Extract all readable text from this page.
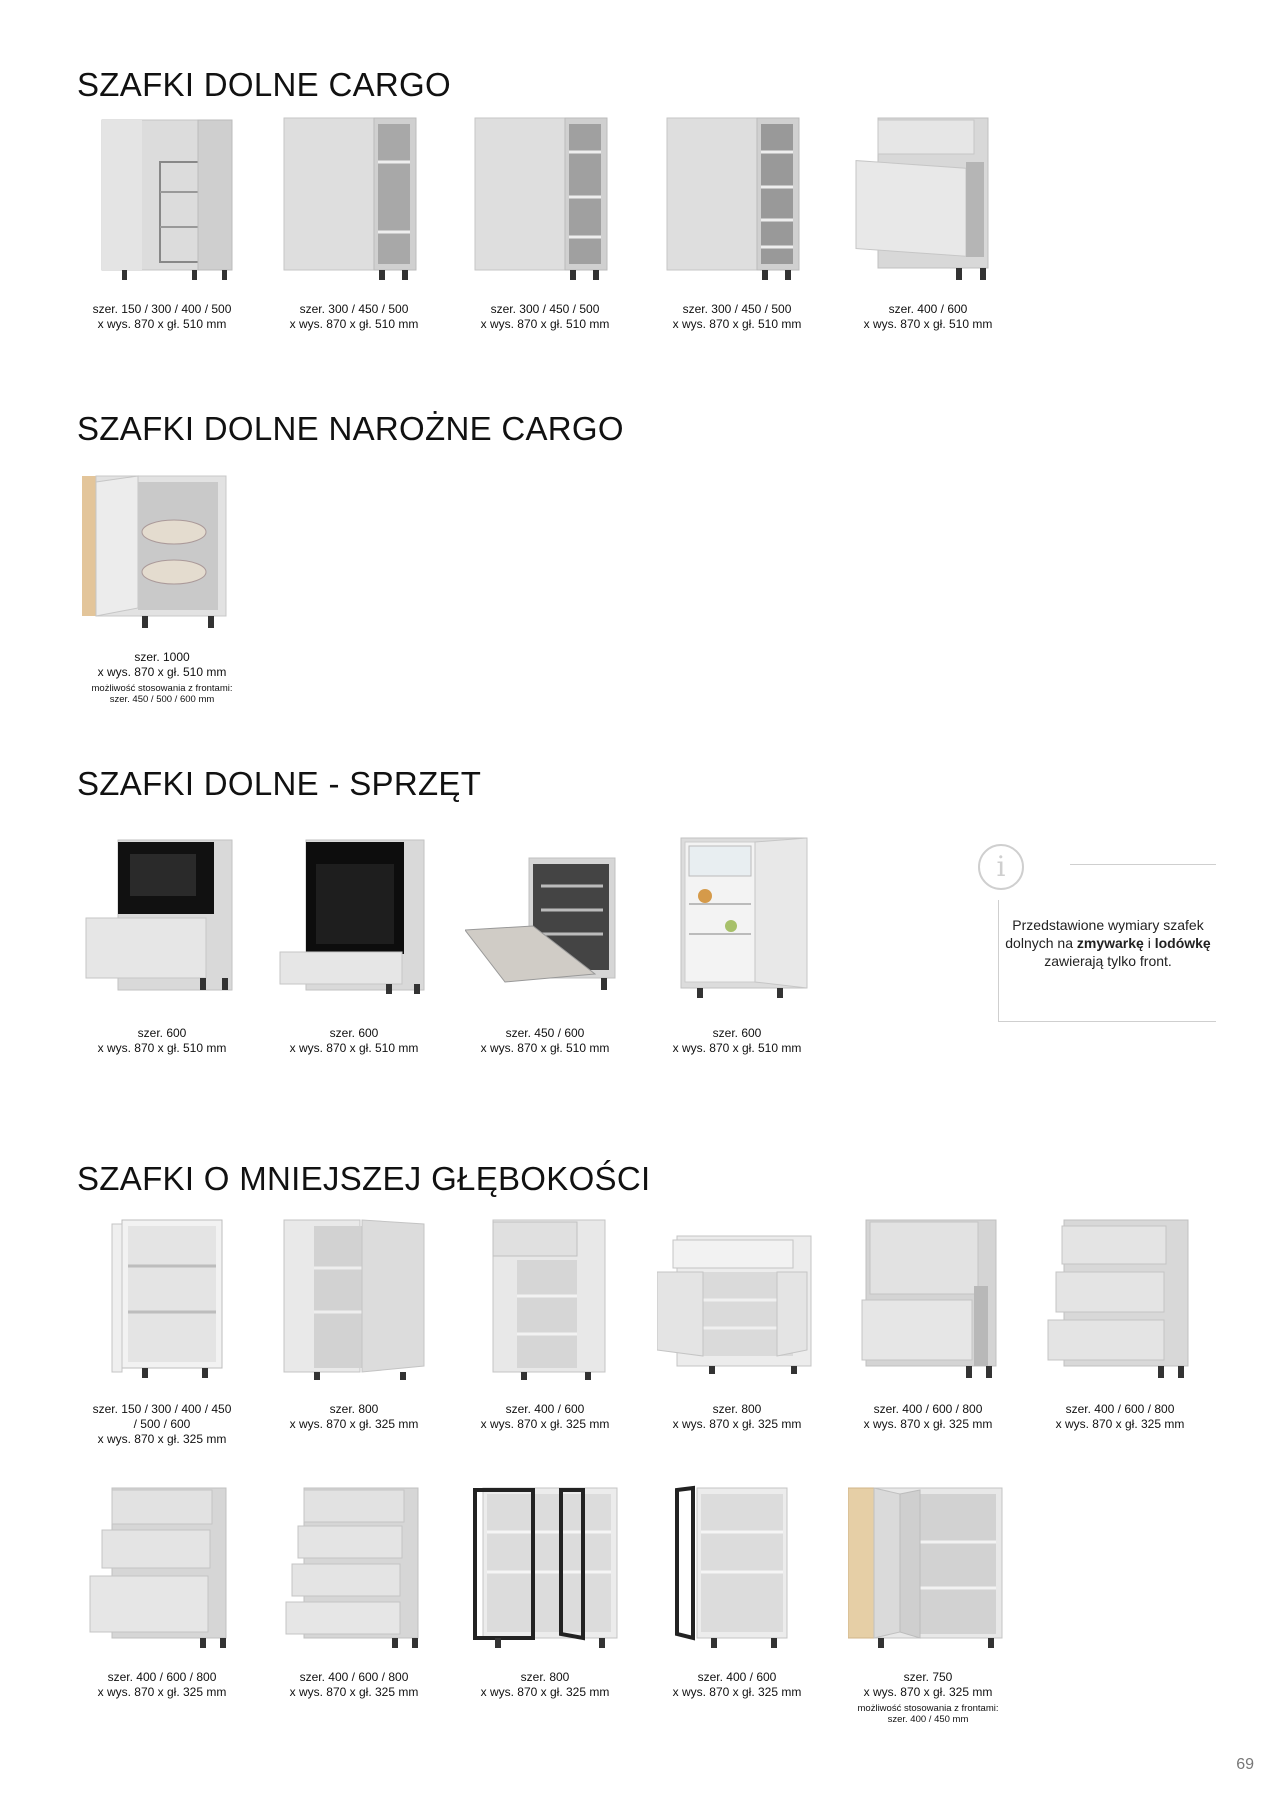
SZAFKI DOLNE CARGO
szer. 150 / 300 / 400 / 500
x wys. 870 x gł. 510 mm
szer. 300 / 450 / 500
x wys. 870 x gł. 510 mm
szer. 300 / 450 / 500
x wys. 870 x gł. 510 mm
szer. 300 / 450 / 500
x wys. 870 x gł. 510 mm
szer. 400 / 600
x wys. 870 x gł. 510 mm
SZAFKI DOLNE NAROŻNE CARGO
szer. 1000
x wys. 870 x gł. 510 mm
możliwość stosowania z frontami:
szer. 450 / 500 / 600 mm
SZAFKI DOLNE - SPRZĘT
szer. 600
x wys. 870 x gł. 510 mm
szer. 600
x wys. 870 x gł. 510 mm
szer. 450 / 600
x wys. 870 x gł. 510 mm
szer. 600
x wys. 870 x gł. 510 mm
i
Przedstawione wymiary szafek dolnych na zmywarkę i lodówkę zawierają tylko front.
SZAFKI O MNIEJSZEJ GŁĘBOKOŚCI
szer. 150 / 300 / 400 / 450
/ 500 / 600
x wys. 870 x gł. 325 mm
szer. 800
x wys. 870 x gł. 325 mm
szer. 400 / 600
x wys. 870 x gł. 325 mm
szer. 800
x wys. 870 x gł. 325 mm
szer. 400 / 600 / 800
x wys. 870 x gł. 325 mm
szer. 400 / 600 / 800
x wys. 870 x gł. 325 mm
szer. 400 / 600 / 800
x wys. 870 x gł. 325 mm
szer. 400 / 600 / 800
x wys. 870 x gł. 325 mm
szer. 800
x wys. 870 x gł. 325 mm
szer. 400 / 600
x wys. 870 x gł. 325 mm
szer. 750
x wys. 870 x gł. 325 mm
możliwość stosowania z frontami:
szer. 400 / 450 mm
69
